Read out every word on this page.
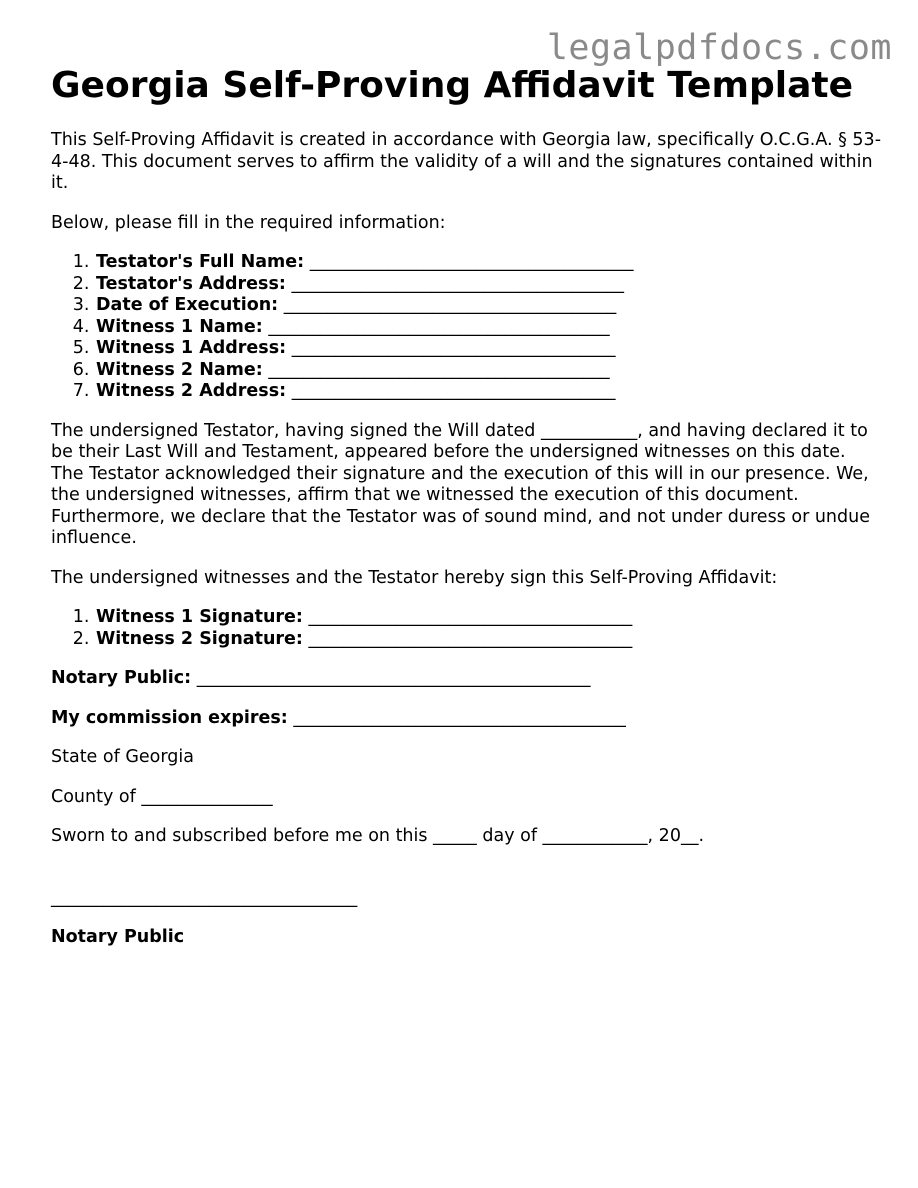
legalpdfdocs.com
Georgia Self-Proving Affidavit Template

This Self-Proving Affidavit is created in accordance with Georgia law, specifically O.C.G.A. § 53-4-48. This document serves to affirm the validity of a will and the signatures contained within it.

Below, please fill in the required information:

1. Testator's Full Name: _____________________________________
2. Testator's Address: ______________________________________
3. Date of Execution: ______________________________________
4. Witness 1 Name: _______________________________________
5. Witness 1 Address: _____________________________________
6. Witness 2 Name: _______________________________________
7. Witness 2 Address: _____________________________________

The undersigned Testator, having signed the Will dated ___________, and having declared it to be their Last Will and Testament, appeared before the undersigned witnesses on this date. The Testator acknowledged their signature and the execution of this will in our presence. We, the undersigned witnesses, affirm that we witnessed the execution of this document. Furthermore, we declare that the Testator was of sound mind, and not under duress or undue influence.

The undersigned witnesses and the Testator hereby sign this Self-Proving Affidavit:

1. Witness 1 Signature: _____________________________________
2. Witness 2 Signature: _____________________________________

Notary Public: _____________________________________________

My commission expires: ______________________________________

State of Georgia

County of _______________

Sworn to and subscribed before me on this _____ day of ____________, 20__.

___________________________________

Notary Public
